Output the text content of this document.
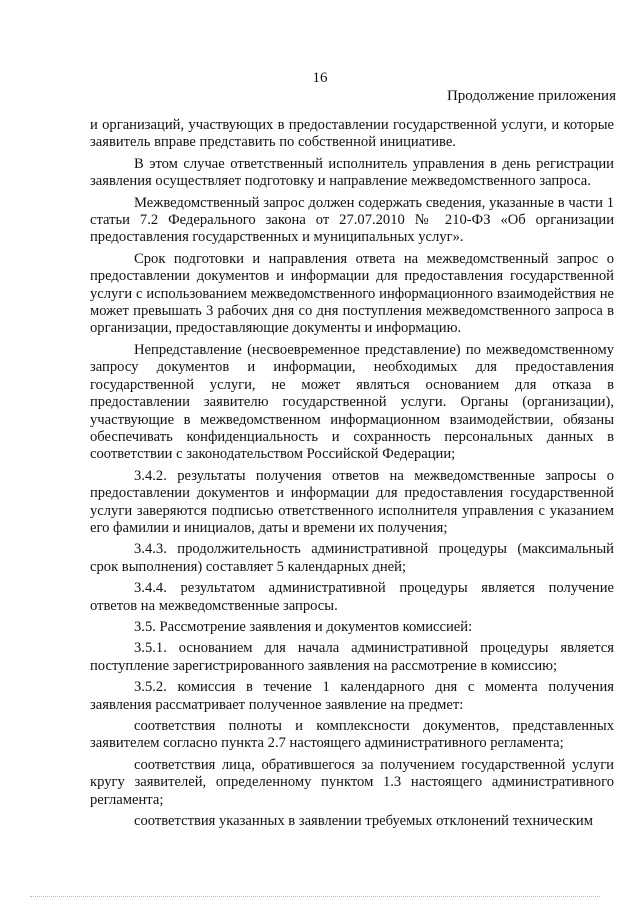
16
Продолжение приложения

и организаций, участвующих в предоставлении государственной услуги, и которые заявитель вправе представить по собственной инициативе.

В этом случае ответственный исполнитель управления в день регистрации заявления осуществляет подготовку и направление межведомственного запроса.

Межведомственный запрос должен содержать сведения, указанные в части 1 статьи 7.2 Федерального закона от 27.07.2010 № 210-ФЗ «Об организации предоставления государственных и муниципальных услуг».

Срок подготовки и направления ответа на межведомственный запрос о предоставлении документов и информации для предоставления государственной услуги с использованием межведомственного информационного взаимодействия не может превышать 3 рабочих дня со дня поступления межведомственного запроса в организации, предоставляющие документы и информацию.

Непредставление (несвоевременное представление) по межведомственному запросу документов и информации, необходимых для предоставления государственной услуги, не может являться основанием для отказа в предоставлении заявителю государственной услуги. Органы (организации), участвующие в межведомственном информационном взаимодействии, обязаны обеспечивать конфиденциальность и сохранность персональных данных в соответствии с законодательством Российской Федерации;

3.4.2. результаты получения ответов на межведомственные запросы о предоставлении документов и информации для предоставления государственной услуги заверяются подписью ответственного исполнителя управления с указанием его фамилии и инициалов, даты и времени их получения;

3.4.3. продолжительность административной процедуры (максимальный срок выполнения) составляет 5 календарных дней;

3.4.4. результатом административной процедуры является получение ответов на межведомственные запросы.

3.5. Рассмотрение заявления и документов комиссией:

3.5.1. основанием для начала административной процедуры является поступление зарегистрированного заявления на рассмотрение в комиссию;

3.5.2. комиссия в течение 1 календарного дня с момента получения заявления рассматривает полученное заявление на предмет:

соответствия полноты и комплексности документов, представленных заявителем согласно пункта 2.7 настоящего административного регламента;

соответствия лица, обратившегося за получением государственной услуги кругу заявителей, определенному пунктом 1.3 настоящего административного регламента;

соответствия указанных в заявлении требуемых отклонений техническим
